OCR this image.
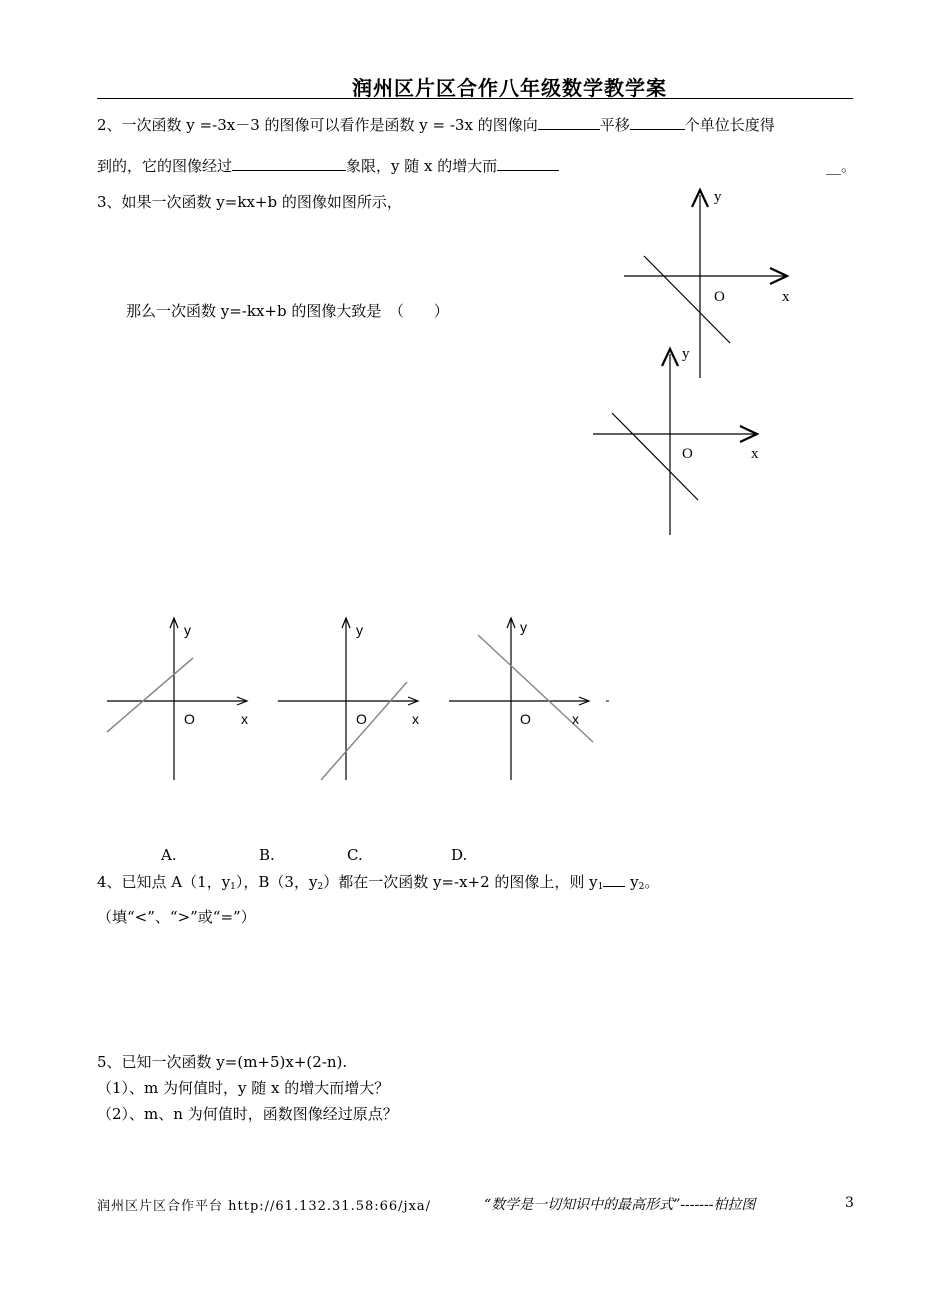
润州区片区合作八年级数学教学案
2、一次函数 y =-3x－3 的图像可以看作是函数 y = -3x 的图像向	平移	个单位长度得
到的，它的图像经过	象限，y 随 x 的增大而	__。
3、如果一次函数 y=kx+b 的图像如图所示，
那么一次函数 y=-kx+b 的图像大致是　（　　）
y
O	x
y
O	x
y
O	x
y
O	x
y
O	x
A.	B.	C.	D.
4、已知点 A（1，y1），B（3，y2）都在一次函数 y=-x+2 的图像上，则 y1 y2。
（填“<”、“>”或“=”）
5、已知一次函数 y=(m+5)x+(2-n).
（1）、m 为何值时，y 随 x 的增大而增大？
（2）、m、n 为何值时，函数图像经过原点？
润州区片区合作平台 http://61.132.31.58:66/jxa/	“数学是一切知识中的最高形式”-------柏拉图	3
